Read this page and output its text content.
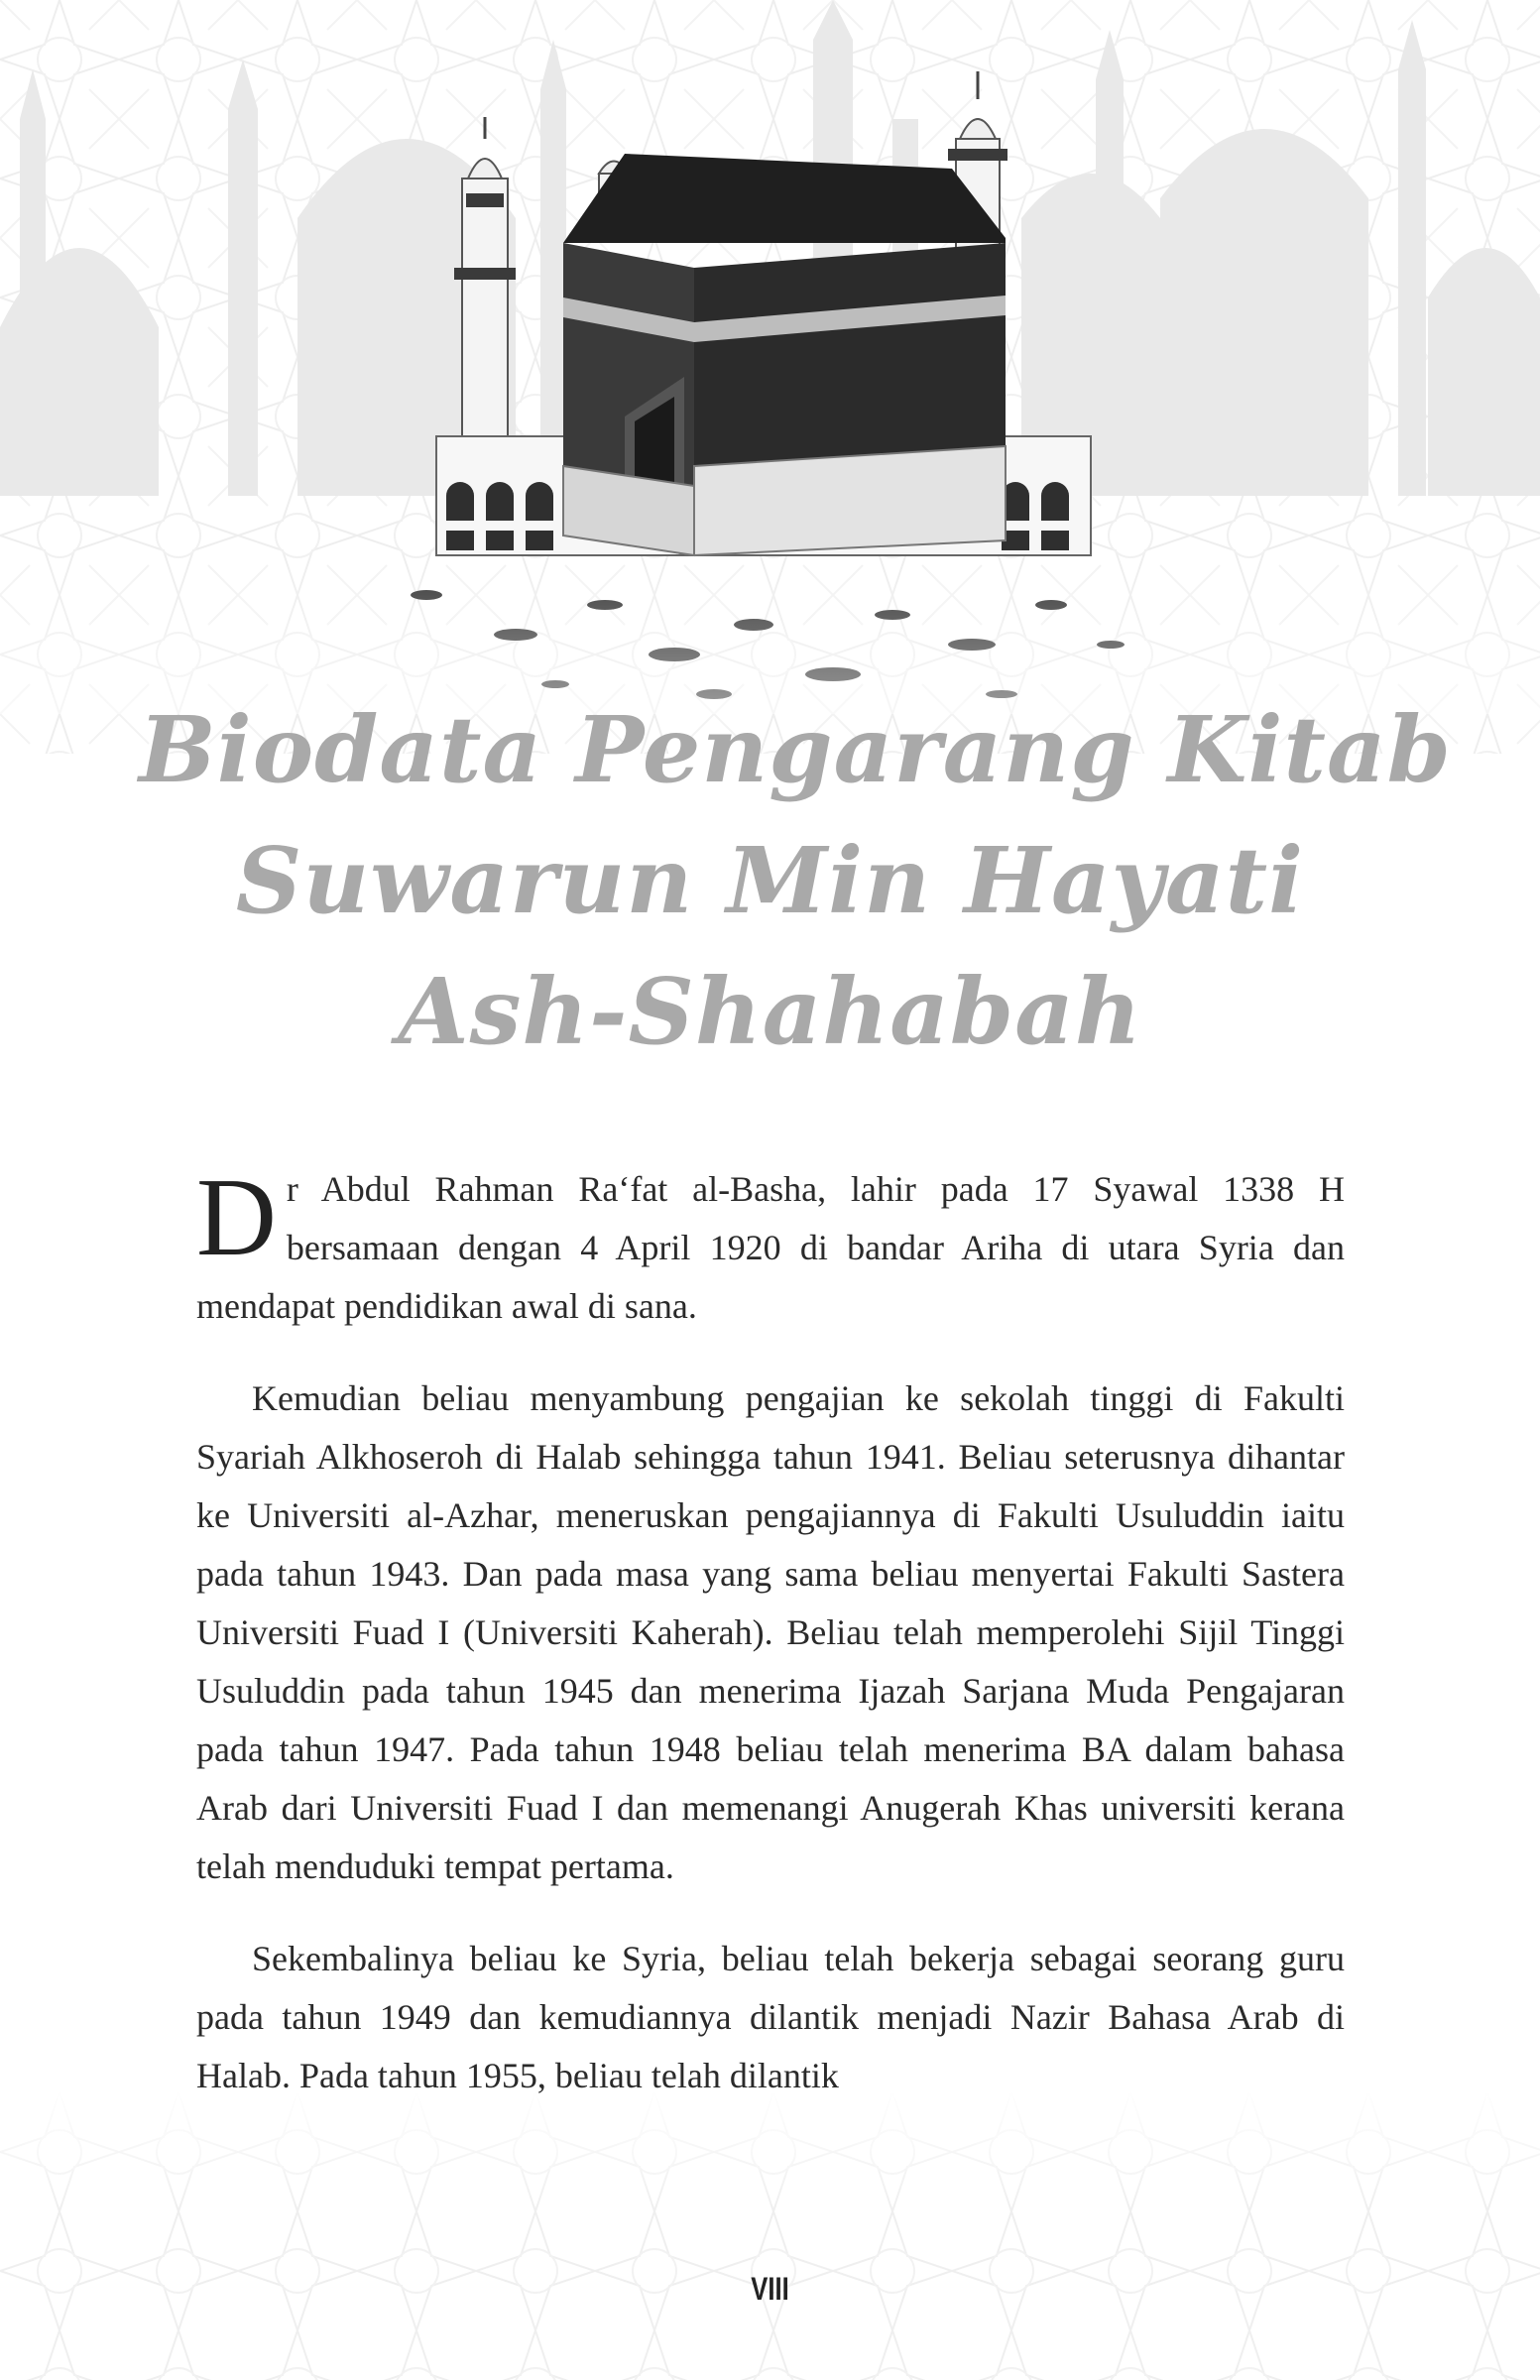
Biodata Pengarang Kitab
Suwarun Min Hayati
Ash-Shahabah

Dr Abdul Rahman Ra‘fat al-Basha, lahir pada 17 Syawal 1338 H bersamaan dengan 4 April 1920 di bandar Ariha di utara Syria dan mendapat pendidikan awal di sana.

Kemudian beliau menyambung pengajian ke sekolah tinggi di Fakulti Syariah Alkhoseroh di Halab sehingga tahun 1941. Beliau seterusnya dihantar ke Universiti al-Azhar, meneruskan pengajiannya di Fakulti Usuluddin iaitu pada tahun 1943. Dan pada masa yang sama beliau menyertai Fakulti Sastera Universiti Fuad I (Universiti Kaherah). Beliau telah memperolehi Sijil Tinggi Usuluddin pada tahun 1945 dan menerima Ijazah Sarjana Muda Pengajaran pada tahun 1947. Pada tahun 1948 beliau telah menerima BA dalam bahasa Arab dari Universiti Fuad I dan memenangi Anugerah Khas universiti kerana telah menduduki tempat pertama.

Sekembalinya beliau ke Syria, beliau telah bekerja sebagai seorang guru pada tahun 1949 dan kemudiannya dilantik menjadi Nazir Bahasa Arab di Halab. Pada tahun 1955, beliau telah dilantik

VIII
